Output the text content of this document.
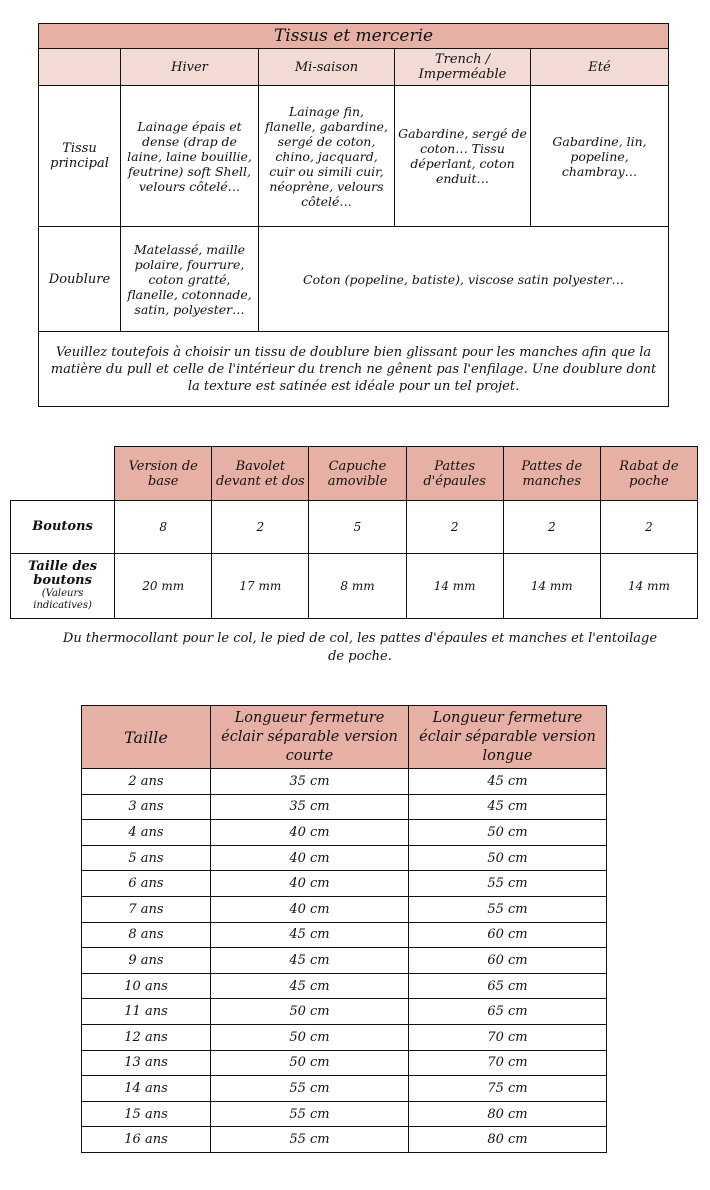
Tissus et mercerie				
	Hiver	Mi-saison	Trench / Imperméable	Eté
Tissu principal	Lainage épais et dense (drap de laine, laine bouillie, feutrine) soft Shell, velours côtelé…	Lainage fin, flanelle, gabardine, sergé de coton, chino, jacquard, cuir ou simili cuir, néoprène, velours côtelé…	Gabardine, sergé de coton… Tissu déperlant, coton enduit…	Gabardine, lin, popeline, chambray…
Doublure	Matelassé, maille polaire, fourrure, coton gratté, flanelle, cotonnade, satin, polyester…	Coton (popeline, batiste), viscose satin polyester…		
Veuillez toutefois à choisir un tissu de doublure bien glissant pour les manches afin que la matière du pull et celle de l'intérieur du trench ne gênent pas l'enfilage. Une doublure dont la texture est satinée est idéale pour un tel projet.				
	Version de base	Bavolet devant et dos	Capuche amovible	Pattes d'épaules	Pattes de manches	Rabat de poche
Boutons	8	2	5	2	2	2
Taille des boutons
(Valeurs indicatives)	20 mm	17 mm	8 mm	14 mm	14 mm	14 mm
Du thermocollant pour le col, le pied de col, les pattes d'épaules et manches et l'entoilage de poche.
Taille	Longueur fermeture éclair séparable version courte	Longueur fermeture éclair séparable version longue
2 ans	35 cm	45 cm
3 ans	35 cm	45 cm
4 ans	40 cm	50 cm
5 ans	40 cm	50 cm
6 ans	40 cm	55 cm
7 ans	40 cm	55 cm
8 ans	45 cm	60 cm
9 ans	45 cm	60 cm
10 ans	45 cm	65 cm
11 ans	50 cm	65 cm
12 ans	50 cm	70 cm
13 ans	50 cm	70 cm
14 ans	55 cm	75 cm
15 ans	55 cm	80 cm
16 ans	55 cm	80 cm
